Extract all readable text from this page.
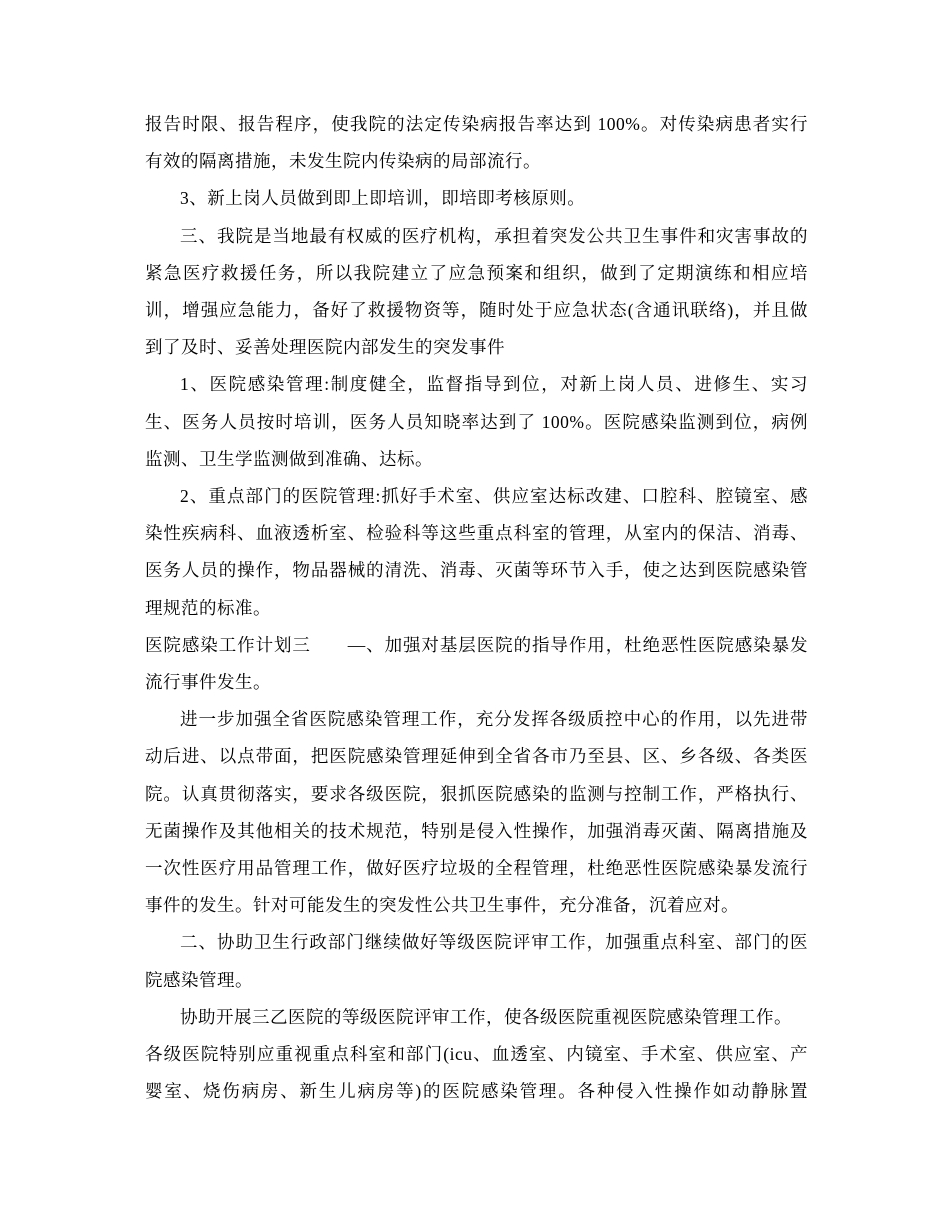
报告时限、报告程序，使我院的法定传染病报告率达到 100%。对传染病患者实行

有效的隔离措施，未发生院内传染病的局部流行。

3、新上岗人员做到即上即培训，即培即考核原则。

三、我院是当地最有权威的医疗机构，承担着突发公共卫生事件和灾害事故的

紧急医疗救援任务，所以我院建立了应急预案和组织，做到了定期演练和相应培

训，增强应急能力，备好了救援物资等，随时处于应急状态(含通讯联络)，并且做

到了及时、妥善处理医院内部发生的突发事件

1、医院感染管理:制度健全，监督指导到位，对新上岗人员、进修生、实习

生、医务人员按时培训，医务人员知晓率达到了 100%。医院感染监测到位，病例

监测、卫生学监测做到准确、达标。

2、重点部门的医院管理:抓好手术室、供应室达标改建、口腔科、腔镜室、感

染性疾病科、血液透析室、检验科等这些重点科室的管理，从室内的保洁、消毒、

医务人员的操作，物品器械的清洗、消毒、灭菌等环节入手，使之达到医院感染管

理规范的标准。

医院感染工作计划三　　—、加强对基层医院的指导作用，杜绝恶性医院感染暴发

流行事件发生。

进一步加强全省医院感染管理工作，充分发挥各级质控中心的作用，以先进带

动后进、以点带面，把医院感染管理延伸到全省各市乃至县、区、乡各级、各类医

院。认真贯彻落实，要求各级医院，狠抓医院感染的监测与控制工作，严格执行、

无菌操作及其他相关的技术规范，特别是侵入性操作，加强消毒灭菌、隔离措施及

一次性医疗用品管理工作，做好医疗垃圾的全程管理，杜绝恶性医院感染暴发流行

事件的发生。针对可能发生的突发性公共卫生事件，充分准备，沉着应对。

二、协助卫生行政部门继续做好等级医院评审工作，加强重点科室、部门的医

院感染管理。

协助开展三乙医院的等级医院评审工作，使各级医院重视医院感染管理工作。

各级医院特别应重视重点科室和部门(icu、血透室、内镜室、手术室、供应室、产

婴室、烧伤病房、新生儿病房等)的医院感染管理。各种侵入性操作如动静脉置
